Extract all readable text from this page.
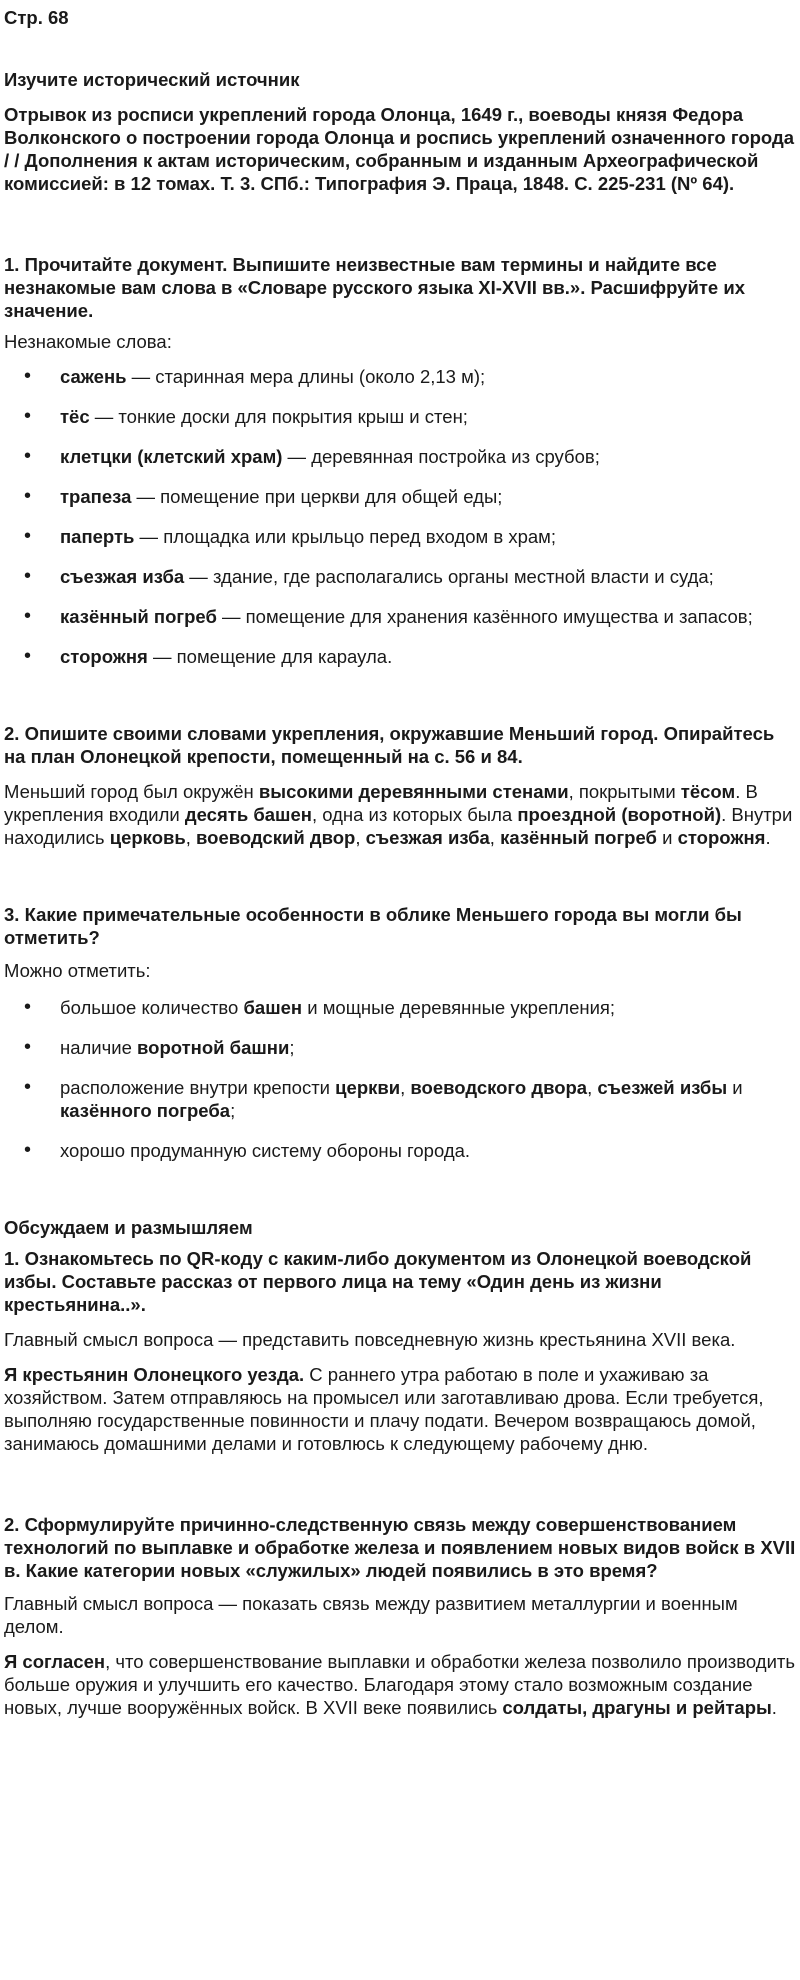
Стр. 68

Изучите исторический источник

Отрывок из росписи укреплений города Олонца, 1649 г., воеводы князя Федора Волконского о построении города Олонца и роспись укреплений означенного города / / Дополнения к актам историческим, собранным и изданным Археографической комиссией: в 12 томах. Т. 3. СПб.: Типография Э. Праца, 1848. С. 225-231 (Nº 64).

1. Прочитайте документ. Выпишите неизвестные вам термины и найдите все незнакомые вам слова в «Словаре русского языка XI-XVII вв.». Расшифруйте их значение.

Незнакомые слова:

• сажень — старинная мера длины (около 2,13 м);
• тёс — тонкие доски для покрытия крыш и стен;
• клетцки (клетский храм) — деревянная постройка из срубов;
• трапеза — помещение при церкви для общей еды;
• паперть — площадка или крыльцо перед входом в храм;
• съезжая изба — здание, где располагались органы местной власти и суда;
• казённый погреб — помещение для хранения казённого имущества и запасов;
• сторожня — помещение для караула.

2. Опишите своими словами укрепления, окружавшие Меньший город. Опирайтесь на план Олонецкой крепости, помещенный на с. 56 и 84.

Меньший город был окружён высокими деревянными стенами, покрытыми тёсом. В укрепления входили десять башен, одна из которых была проездной (воротной). Внутри находились церковь, воеводский двор, съезжая изба, казённый погреб и сторожня.

3. Какие примечательные особенности в облике Меньшего города вы могли бы отметить?

Можно отметить:

• большое количество башен и мощные деревянные укрепления;
• наличие воротной башни;
• расположение внутри крепости церкви, воеводского двора, съезжей избы и казённого погреба;
• хорошо продуманную систему обороны города.

Обсуждаем и размышляем

1. Ознакомьтесь по QR-коду с каким-либо документом из Олонецкой воеводской избы. Составьте рассказ от первого лица на тему «Один день из жизни крестьянина..».

Главный смысл вопроса — представить повседневную жизнь крестьянина XVII века.

Я крестьянин Олонецкого уезда. С раннего утра работаю в поле и ухаживаю за хозяйством. Затем отправляюсь на промысел или заготавливаю дрова. Если требуется, выполняю государственные повинности и плачу подати. Вечером возвращаюсь домой, занимаюсь домашними делами и готовлюсь к следующему рабочему дню.

2. Сформулируйте причинно-следственную связь между совершенствованием технологий по выплавке и обработке железа и появлением новых видов войск в XVII в. Какие категории новых «служилых» людей появились в это время?

Главный смысл вопроса — показать связь между развитием металлургии и военным делом.

Я согласен, что совершенствование выплавки и обработки железа позволило производить больше оружия и улучшить его качество. Благодаря этому стало возможным создание новых, лучше вооружённых войск. В XVII веке появились солдаты, драгуны и рейтары.
